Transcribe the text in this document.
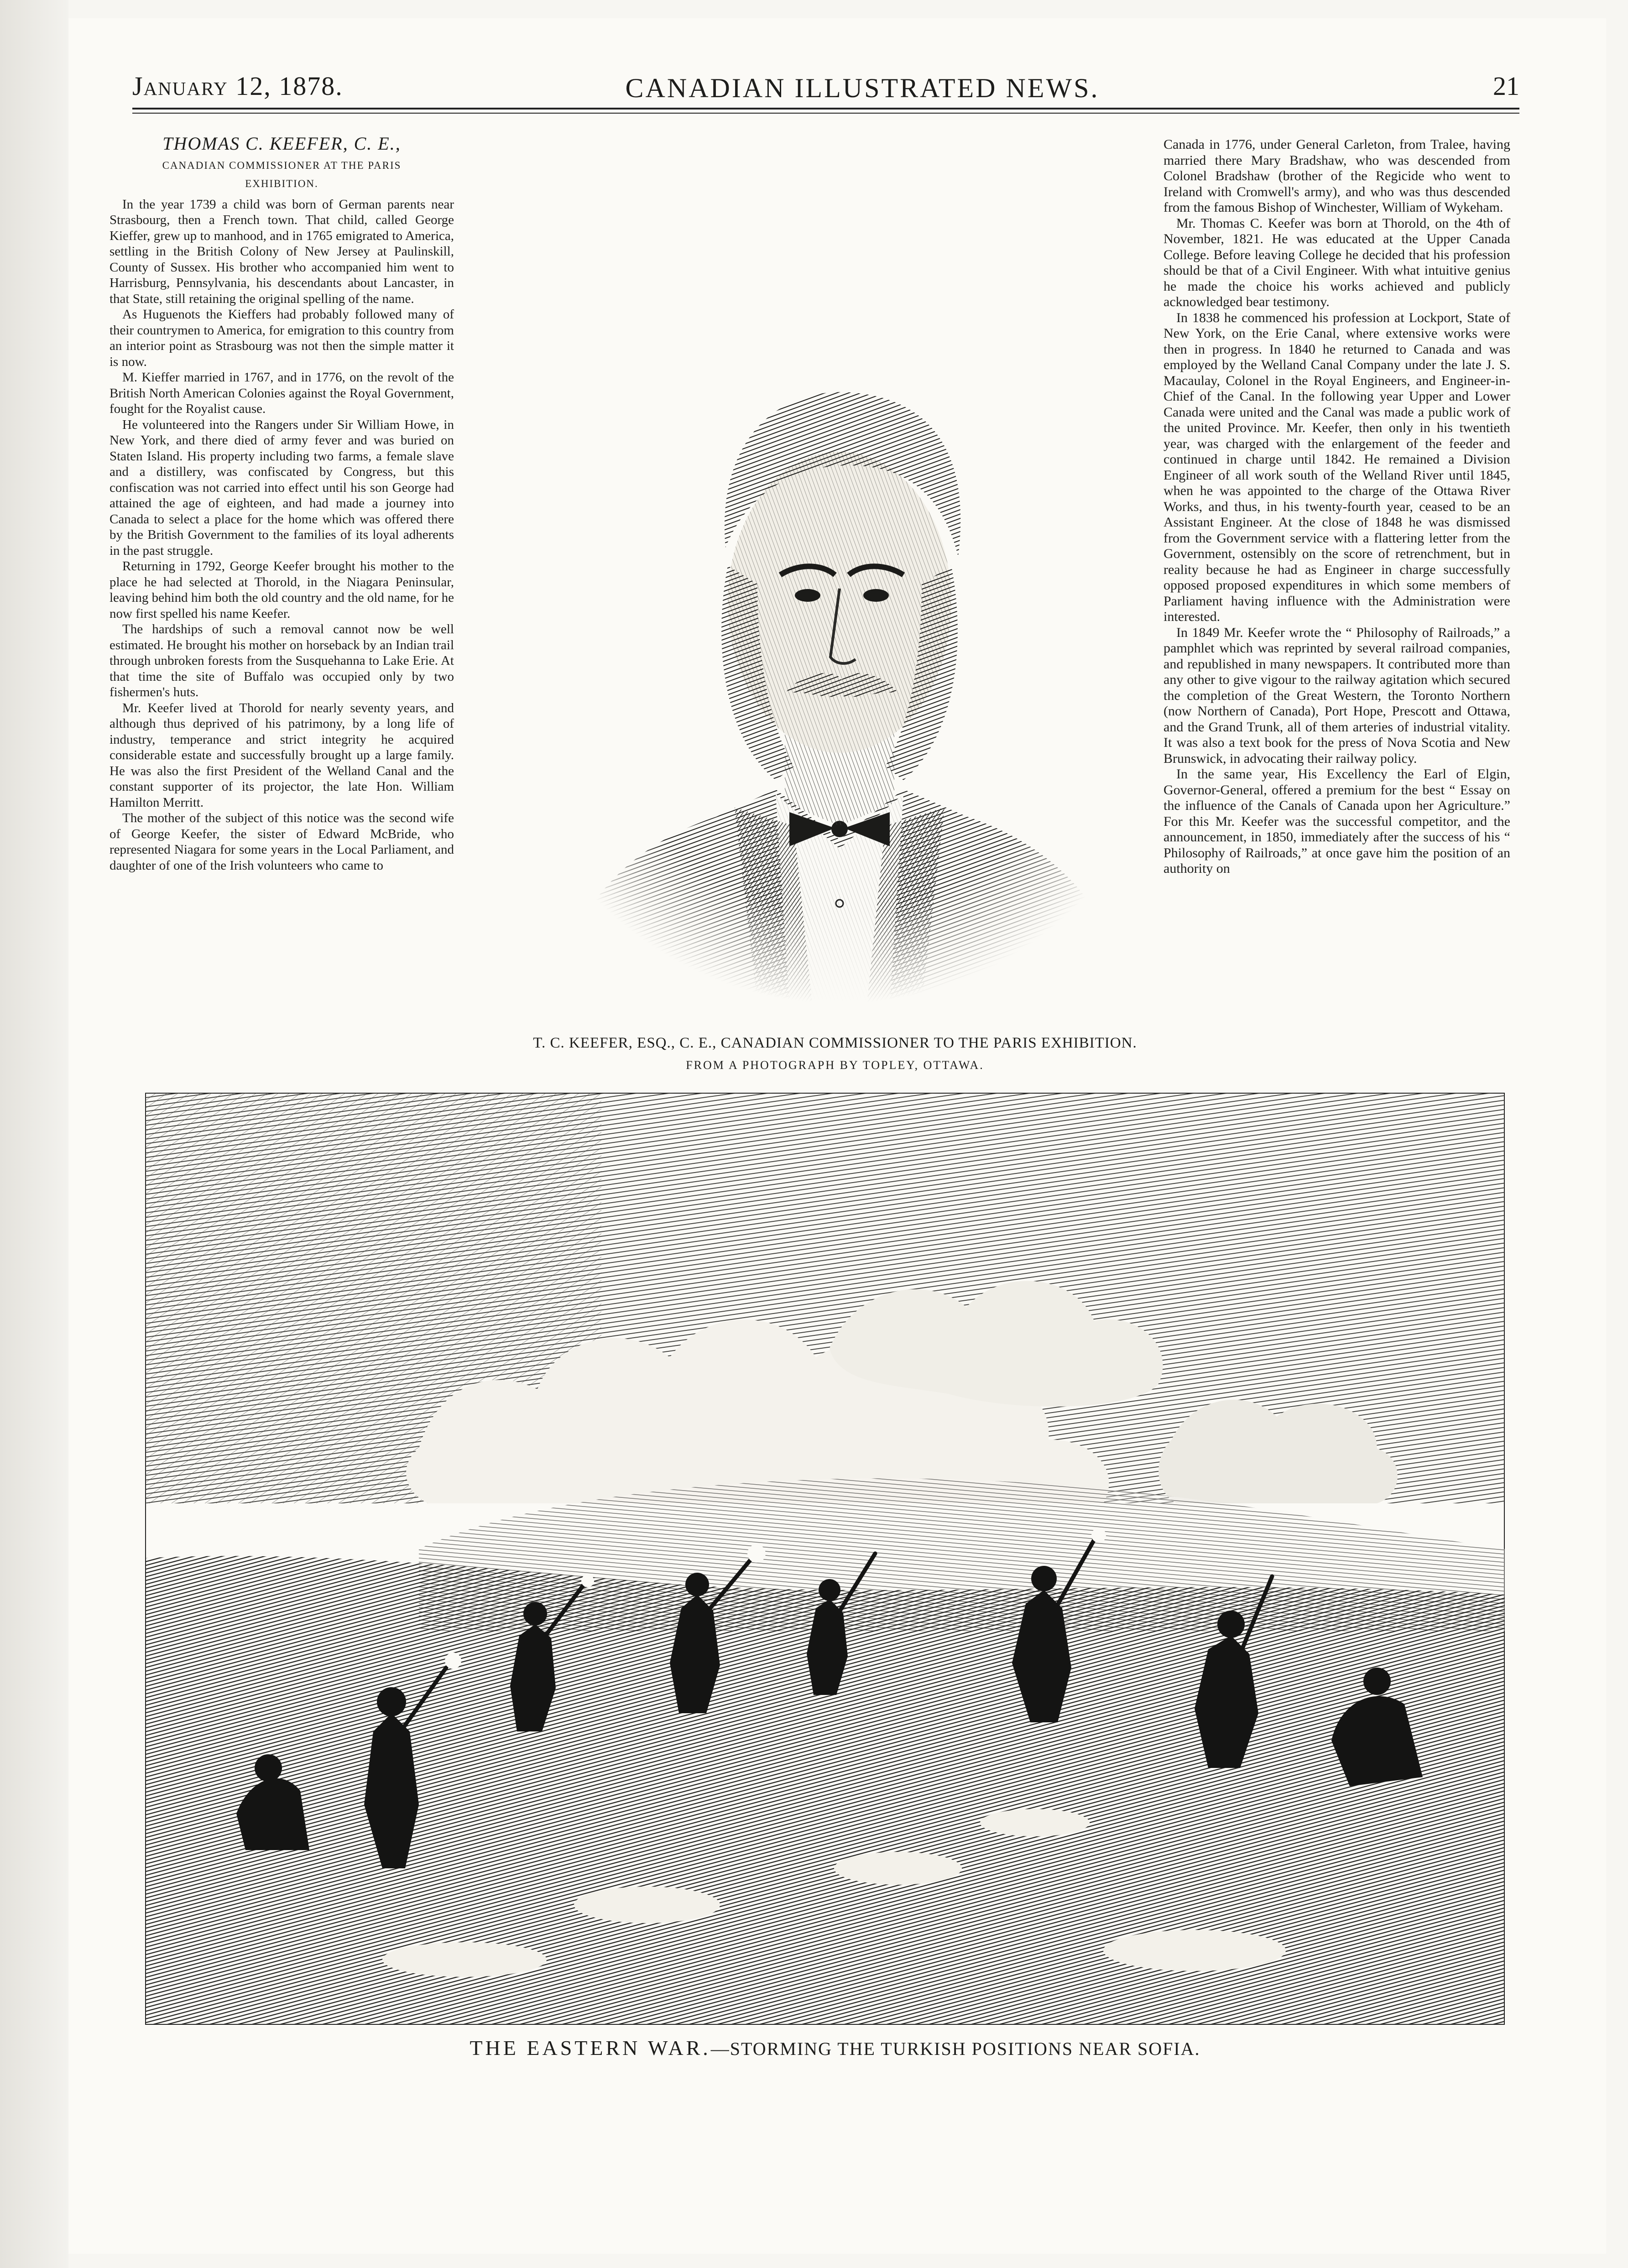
January 12, 1878.	CANADIAN ILLUSTRATED NEWS.	21
THOMAS C. KEEFER, C. E.,
CANADIAN COMMISSIONER AT THE PARIS EXHIBITION.

In the year 1739 a child was born of German parents near Strasbourg, then a French town. That child, called George Kieffer, grew up to manhood, and in 1765 emigrated to America, settling in the British Colony of New Jersey at Paulinskill, County of Sussex. His brother who accompanied him went to Harrisburg, Pennsylvania, his descendants about Lancaster, in that State, still retaining the original spelling of the name.

As Huguenots the Kieffers had probably followed many of their countrymen to America, for emigration to this country from an interior point as Strasbourg was not then the simple matter it is now.

M. Kieffer married in 1767, and in 1776, on the revolt of the British North American Colonies against the Royal Government, fought for the Royalist cause.

He volunteered into the Rangers under Sir William Howe, in New York, and there died of army fever and was buried on Staten Island. His property including two farms, a female slave and a distillery, was confiscated by Congress, but this confiscation was not carried into effect until his son George had attained the age of eighteen, and had made a journey into Canada to select a place for the home which was offered there by the British Government to the families of its loyal adherents in the past struggle.

Returning in 1792, George Keefer brought his mother to the place he had selected at Thorold, in the Niagara Peninsular, leaving behind him both the old country and the old name, for he now first spelled his name Keefer.

The hardships of such a removal cannot now be well estimated. He brought his mother on horseback by an Indian trail through unbroken forests from the Susquehanna to Lake Erie. At that time the site of Buffalo was occupied only by two fishermen's huts.

Mr. Keefer lived at Thorold for nearly seventy years, and although thus deprived of his patrimony, by a long life of industry, temperance and strict integrity he acquired considerable estate and successfully brought up a large family. He was also the first President of the Welland Canal and the constant supporter of its projector, the late Hon. William Hamilton Merritt.

The mother of the subject of this notice was the second wife of George Keefer, the sister of Edward McBride, who represented Niagara for some years in the Local Parliament, and daughter of one of the Irish volunteers who came to

T. C. KEEFER, ESQ., C. E., CANADIAN COMMISSIONER TO THE PARIS EXHIBITION.
FROM A PHOTOGRAPH BY TOPLEY, OTTAWA.

Canada in 1776, under General Carleton, from Tralee, having married there Mary Bradshaw, who was descended from Colonel Bradshaw (brother of the Regicide who went to Ireland with Cromwell's army), and who was thus descended from the famous Bishop of Winchester, William of Wykeham.

Mr. Thomas C. Keefer was born at Thorold, on the 4th of November, 1821. He was educated at the Upper Canada College. Before leaving College he decided that his profession should be that of a Civil Engineer. With what intuitive genius he made the choice his works achieved and publicly acknowledged bear testimony.

In 1838 he commenced his profession at Lockport, State of New York, on the Erie Canal, where extensive works were then in progress. In 1840 he returned to Canada and was employed by the Welland Canal Company under the late J. S. Macaulay, Colonel in the Royal Engineers, and Engineer-in-Chief of the Canal. In the following year Upper and Lower Canada were united and the Canal was made a public work of the united Province. Mr. Keefer, then only in his twentieth year, was charged with the enlargement of the feeder and continued in charge until 1842. He remained a Division Engineer of all work south of the Welland River until 1845, when he was appointed to the charge of the Ottawa River Works, and thus, in his twenty-fourth year, ceased to be an Assistant Engineer. At the close of 1848 he was dismissed from the Government service with a flattering letter from the Government, ostensibly on the score of retrenchment, but in reality because he had as Engineer in charge successfully opposed proposed expenditures in which some members of Parliament having influence with the Administration were interested.

In 1849 Mr. Keefer wrote the “ Philosophy of Railroads,” a pamphlet which was reprinted by several railroad companies, and republished in many newspapers. It contributed more than any other to give vigour to the railway agitation which secured the completion of the Great Western, the Toronto Northern (now Northern of Canada), Port Hope, Prescott and Ottawa, and the Grand Trunk, all of them arteries of industrial vitality. It was also a text book for the press of Nova Scotia and New Brunswick, in advocating their railway policy.

In the same year, His Excellency the Earl of Elgin, Governor-General, offered a premium for the best “ Essay on the influence of the Canals of Canada upon her Agriculture.” For this Mr. Keefer was the successful competitor, and the announcement, in 1850, immediately after the success of his “ Philosophy of Railroads,” at once gave him the position of an authority on

THE EASTERN WAR.—STORMING THE TURKISH POSITIONS NEAR SOFIA.
